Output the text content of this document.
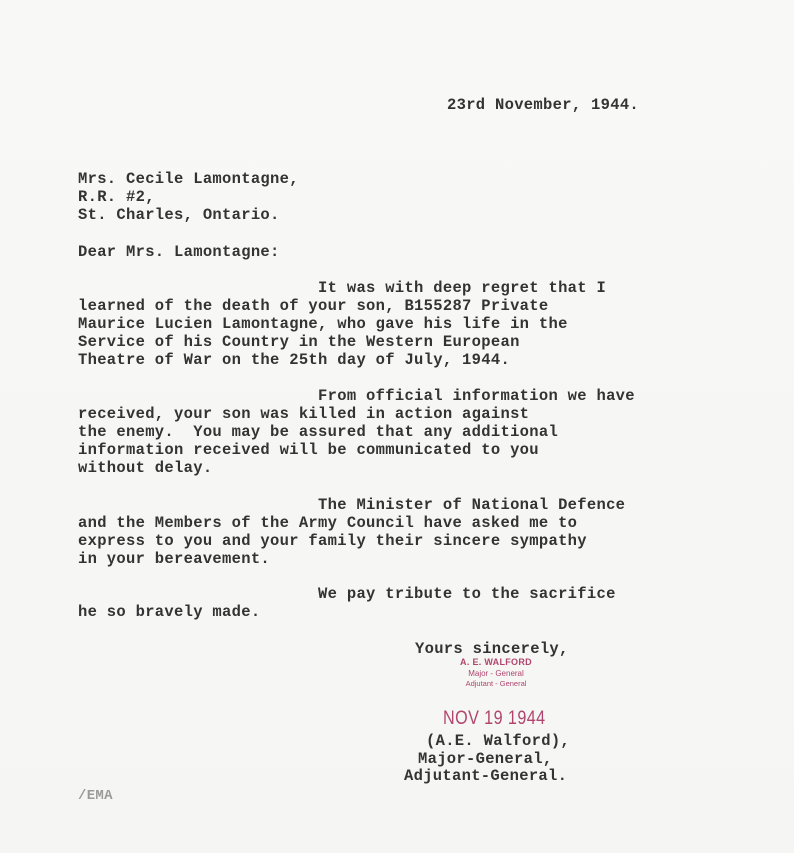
23rd November, 1944.
Mrs. Cecile Lamontagne,
R.R. #2,
St. Charles, Ontario.
Dear Mrs. Lamontagne:
It was with deep regret that I
learned of the death of your son, B155287 Private
Maurice Lucien Lamontagne, who gave his life in the
Service of his Country in the Western European
Theatre of War on the 25th day of July, 1944.
From official information we have
received, your son was killed in action against
the enemy.  You may be assured that any additional
information received will be communicated to you
without delay.
The Minister of National Defence
and the Members of the Army Council have asked me to
express to you and your family their sincere sympathy
in your bereavement.
We pay tribute to the sacrifice
he so bravely made.
Yours sincerely,
A. E. WALFORD
Major - General
Adjutant - General
NOV 19 1944
(A.E. Walford),
Major-General,
Adjutant-General.
/EMA
